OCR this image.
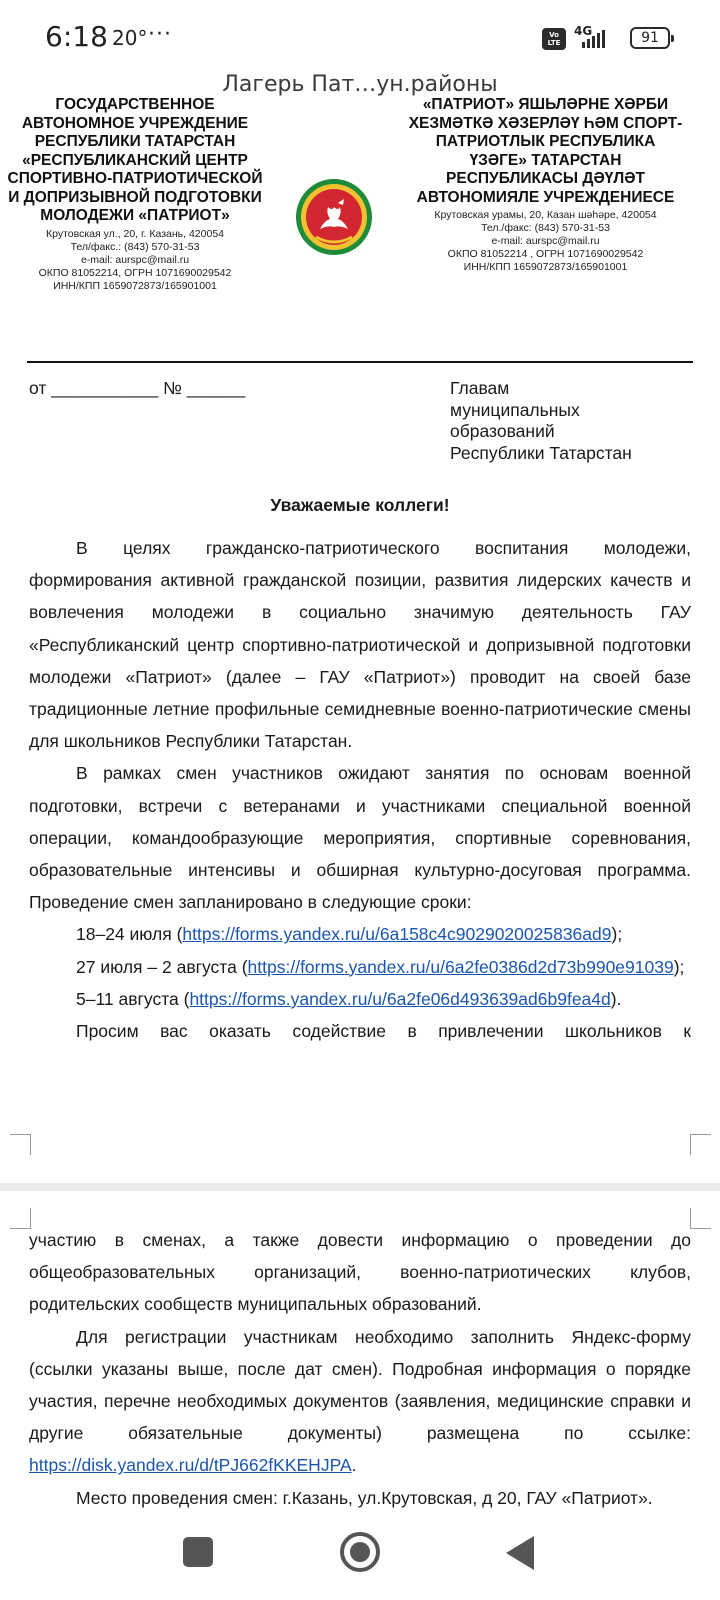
6:18 20° ···	Vo LTE
4G	91
Лагерь Пат…ун.районы
ГОСУДАРСТВЕННОЕ АВТОНОМНОЕ УЧРЕЖДЕНИЕ РЕСПУБЛИКИ ТАТАРСТАН «РЕСПУБЛИКАНСКИЙ ЦЕНТР СПОРТИВНО-ПАТРИОТИЧЕСКОЙ И ДОПРИЗЫВНОЙ ПОДГОТОВКИ МОЛОДЕЖИ «ПАТРИОТ»
Крутовская ул., 20, г. Казань, 420054
Тел/факс.: (843) 570-31-53
e-mail: aurspc@mail.ru
ОКПО 81052214, ОГРН 1071690029542
ИНН/КПП 1659072873/165901001
«ПАТРИОТ» ЯШЬЛӘРНЕ ХӘРБИ ХЕЗМӘТКӘ ХӘЗЕРЛӘҮ ҺӘМ СПОРТ-ПАТРИОТЛЫК РЕСПУБЛИКА ҮЗӘГЕ» ТАТАРСТАН РЕСПУБЛИКАСЫ ДӘҮЛӘТ АВТОНОМИЯЛЕ УЧРЕЖДЕНИЕСЕ
Крутовская урамы, 20, Казан шәһәре, 420054
Тел./факс: (843) 570-31-53
e-mail: aurspc@mail.ru
ОКПО 81052214 , ОГРН 1071690029542
ИНН/КПП 1659072873/165901001
от ___________ № ______	Главам
муниципальных
образований
Республики Татарстан
Уважаемые коллеги!

В целях гражданско-патриотического воспитания молодежи, формирования активной гражданской позиции, развития лидерских качеств и вовлечения молодежи в социально значимую деятельность ГАУ «Республиканский центр спортивно-патриотической и допризывной подготовки молодежи «Патриот» (далее – ГАУ «Патриот») проводит на своей базе традиционные летние профильные семидневные военно-патриотические смены для школьников Республики Татарстан.

В рамках смен участников ожидают занятия по основам военной подготовки, встречи с ветеранами и участниками специальной военной операции, командообразующие мероприятия, спортивные соревнования, образовательные интенсивы и обширная культурно-досуговая программа. Проведение смен запланировано в следующие сроки:

18–24 июля (https://forms.yandex.ru/u/6a158c4c9029020025836ad9);

27 июля – 2 августа (https://forms.yandex.ru/u/6a2fe0386d2d73b990e91039);

5–11 августа (https://forms.yandex.ru/u/6a2fe06d493639ad6b9fea4d).

Просим вас оказать содействие в привлечении школьников к

участию в сменах, а также довести информацию о проведении до общеобразовательных организаций, военно-патриотических клубов, родительских сообществ муниципальных образований.

Для регистрации участникам необходимо заполнить Яндекс-форму (ссылки указаны выше, после дат смен). Подробная информация о порядке участия, перечне необходимых документов (заявления, медицинские справки и другие обязательные документы) размещена по ссылке: https://disk.yandex.ru/d/tPJ662fKKEHJPA.

Место проведения смен: г.Казань, ул.Крутовская, д 20, ГАУ «Патриот».
